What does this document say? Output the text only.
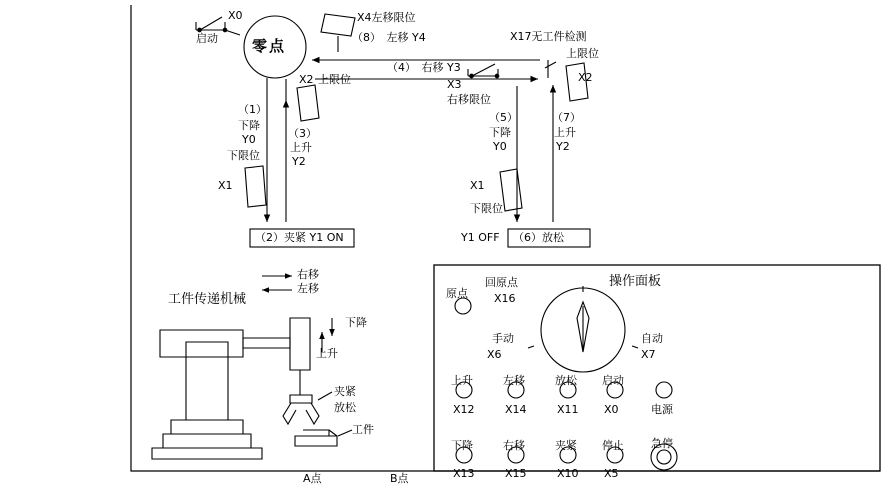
X0
启动 零点
X4左移限位
（8）　左移 Y4	X17无工件检测
上限位
X2
（4）　右移 Y3
X3
右移限位
X2 上限位
（1）
下降
Y0	（3）
上升
Y2
下限位
X1
（2）夹紧 Y1 ON
（5）
下降
Y0
（7）
上升
Y2
X1
下限位
Y1 OFF （6）放松
工件传递机械
右移
左移
下降
上升
夹紧
放松
工件
A点	B点
操作面板
原点
回原点
X16
手动
X6
自动
X7
上升
X12
左移
X14
放松
X11
启动
X0	电源
下降
X13
右移
X15
夹紧
X10
停止
X5
急停
